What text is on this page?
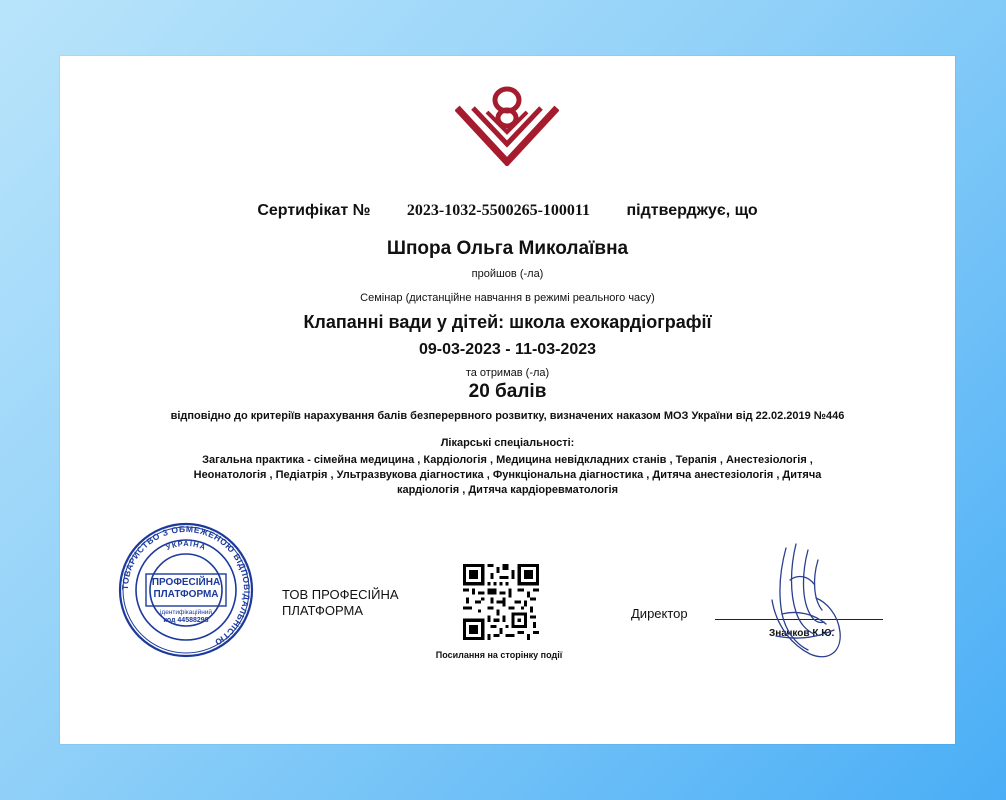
Сертифікат № 2023-1032-5500265-100011 підтверджує, що
Шпора Ольга Миколаївна
пройшов (-ла)
Семінар (дистанційне навчання в режимі реального часу)
Клапанні вади у дітей: школа ехокардіографії
09-03-2023 - 11-03-2023
та отримав (-ла)
20 балів
відповідно до критеріїв нарахування балів безперервного розвитку, визначених наказом МОЗ України від 22.02.2019 №446
Лікарські спеціальності:
Загальна практика - сімейна медицина , Кардіологія , Медицина невідкладних станів , Терапія , Анестезіологія , Неонатологія , Педіатрія , Ультразвукова діагностика , Функціональна діагностика , Дитяча анестезіологія , Дитяча кардіологія , Дитяча кардіоревматологія
ТОВАРИСТВО З ОБМЕЖЕНОЮ ВІДПОВІДАЛЬНІСТЮ
УКРАЇНА
ПРОФЕСІЙНА
ПЛАТФОРМА
ідентифікаційний
код 44588298
ТОВ ПРОФЕСІЙНА ПЛАТФОРМА
Посилання на сторінку події
Директор
Значков К.Ю.
